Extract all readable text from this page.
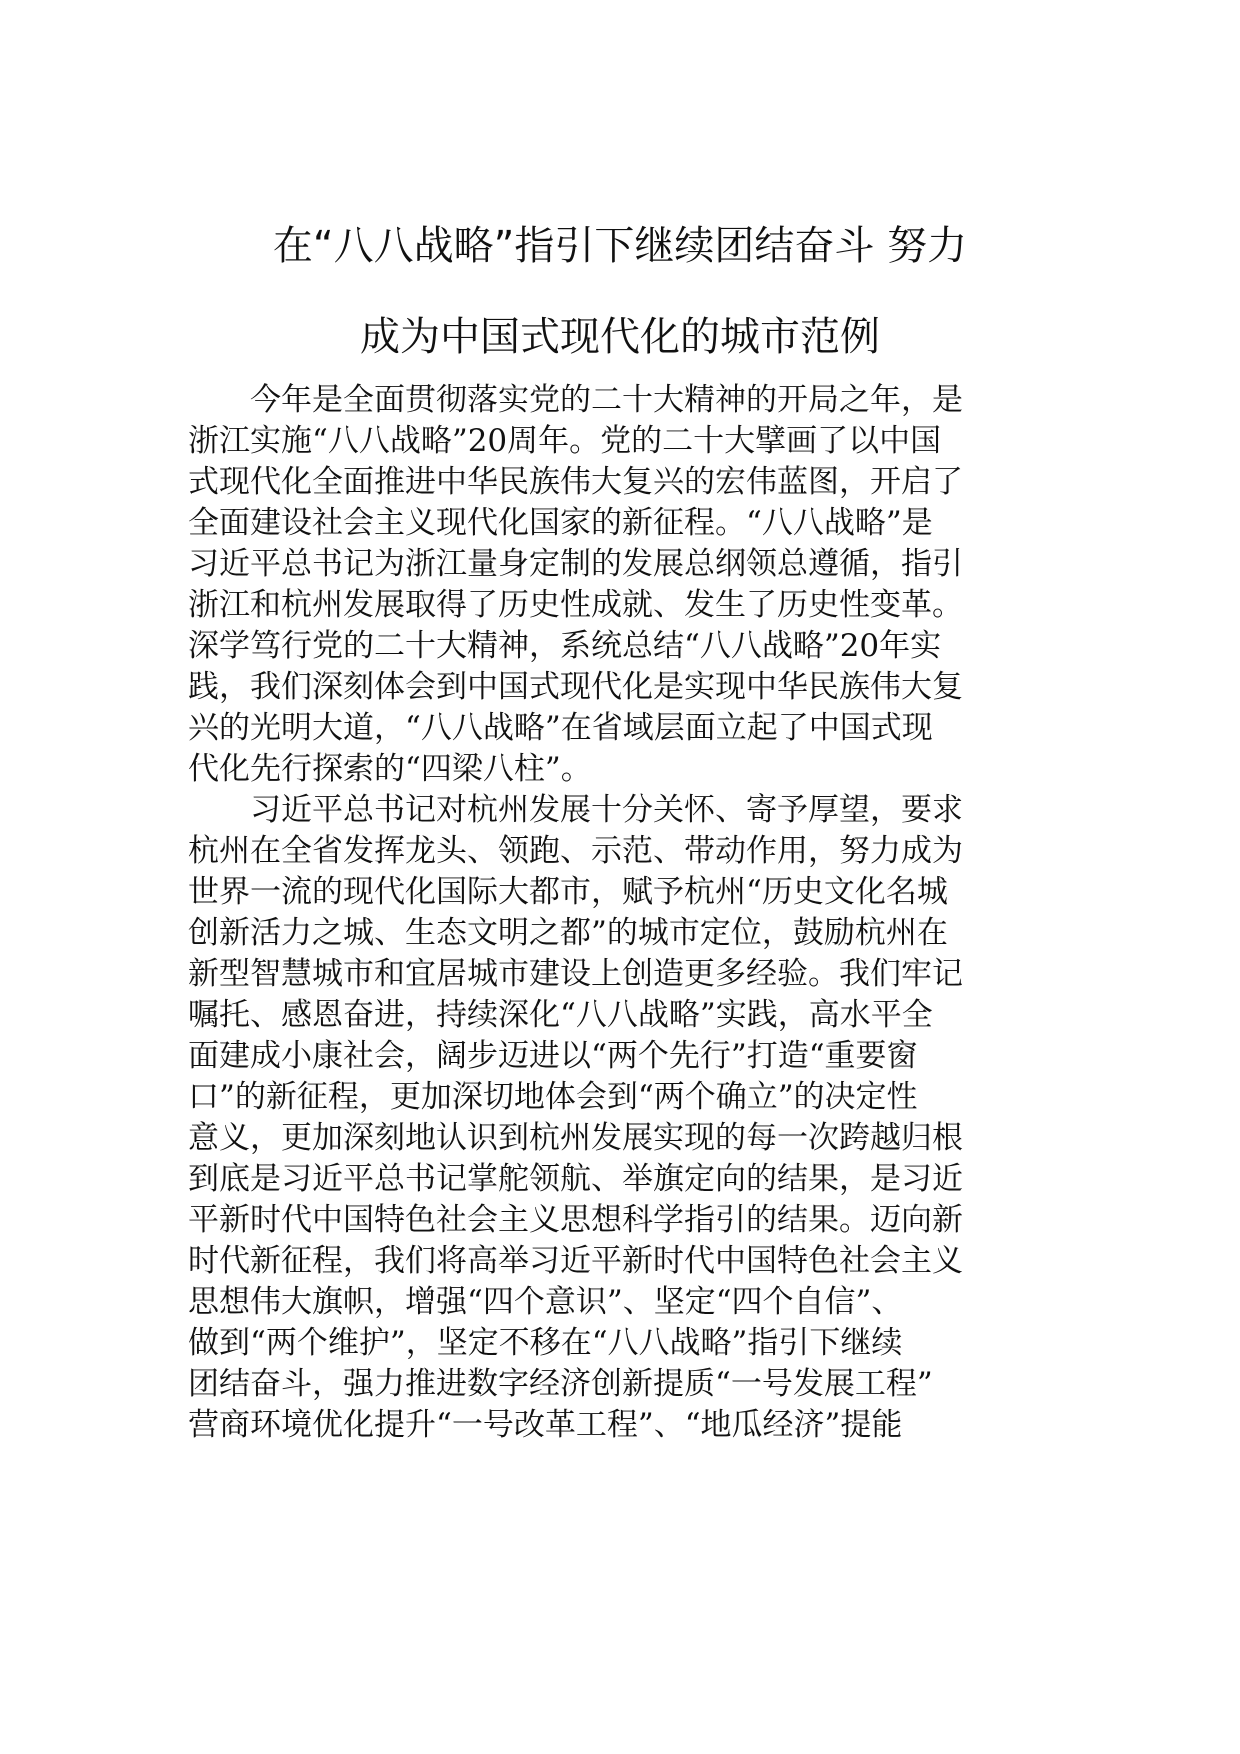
在“八八战略”指引下继续团结奋斗 努力
成为中国式现代化的城市范例
今年是全面贯彻落实党的二十大精神的开局之年，是
浙江实施“八八战略”20周年。党的二十大擘画了以中国
式现代化全面推进中华民族伟大复兴的宏伟蓝图，开启了
全面建设社会主义现代化国家的新征程。“八八战略”是
习近平总书记为浙江量身定制的发展总纲领总遵循，指引
浙江和杭州发展取得了历史性成就、发生了历史性变革。
深学笃行党的二十大精神，系统总结“八八战略”20年实
践，我们深刻体会到中国式现代化是实现中华民族伟大复
兴的光明大道，“八八战略”在省域层面立起了中国式现
代化先行探索的“四梁八柱”。
习近平总书记对杭州发展十分关怀、寄予厚望，要求
杭州在全省发挥龙头、领跑、示范、带动作用，努力成为
世界一流的现代化国际大都市，赋予杭州“历史文化名城
创新活力之城、生态文明之都”的城市定位，鼓励杭州在
新型智慧城市和宜居城市建设上创造更多经验。我们牢记
嘱托、感恩奋进，持续深化“八八战略”实践，高水平全
面建成小康社会，阔步迈进以“两个先行”打造“重要窗
口”的新征程，更加深切地体会到“两个确立”的决定性
意义，更加深刻地认识到杭州发展实现的每一次跨越归根
到底是习近平总书记掌舵领航、举旗定向的结果，是习近
平新时代中国特色社会主义思想科学指引的结果。迈向新
时代新征程，我们将高举习近平新时代中国特色社会主义
思想伟大旗帜，增强“四个意识”、坚定“四个自信”、
做到“两个维护”，坚定不移在“八八战略”指引下继续
团结奋斗，强力推进数字经济创新提质“一号发展工程”
营商环境优化提升“一号改革工程”、“地瓜经济”提能
